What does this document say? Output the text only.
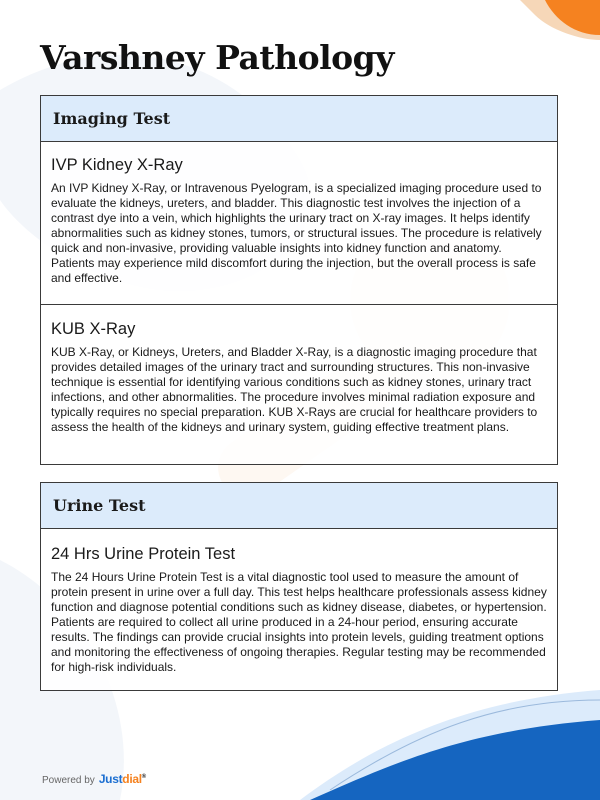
Varshney Pathology
Imaging Test

IVP Kidney X-Ray

An IVP Kidney X-Ray, or Intravenous Pyelogram, is a specialized imaging procedure used to evaluate the kidneys, ureters, and bladder. This diagnostic test involves the injection of a contrast dye into a vein, which highlights the urinary tract on X-ray images. It helps identify abnormalities such as kidney stones, tumors, or structural issues. The procedure is relatively quick and non-invasive, providing valuable insights into kidney function and anatomy. Patients may experience mild discomfort during the injection, but the overall process is safe and effective.

KUB X-Ray

KUB X-Ray, or Kidneys, Ureters, and Bladder X-Ray, is a diagnostic imaging procedure that provides detailed images of the urinary tract and surrounding structures. This non-invasive technique is essential for identifying various conditions such as kidney stones, urinary tract infections, and other abnormalities. The procedure involves minimal radiation exposure and typically requires no special preparation. KUB X-Rays are crucial for healthcare providers to assess the health of the kidneys and urinary system, guiding effective treatment plans.

Urine Test

24 Hrs Urine Protein Test

The 24 Hours Urine Protein Test is a vital diagnostic tool used to measure the amount of protein present in urine over a full day. This test helps healthcare professionals assess kidney function and diagnose potential conditions such as kidney disease, diabetes, or hypertension. Patients are required to collect all urine produced in a 24-hour period, ensuring accurate results. The findings can provide crucial insights into protein levels, guiding treatment options and monitoring the effectiveness of ongoing therapies. Regular testing may be recommended for high-risk individuals.

Powered by Justdial®
